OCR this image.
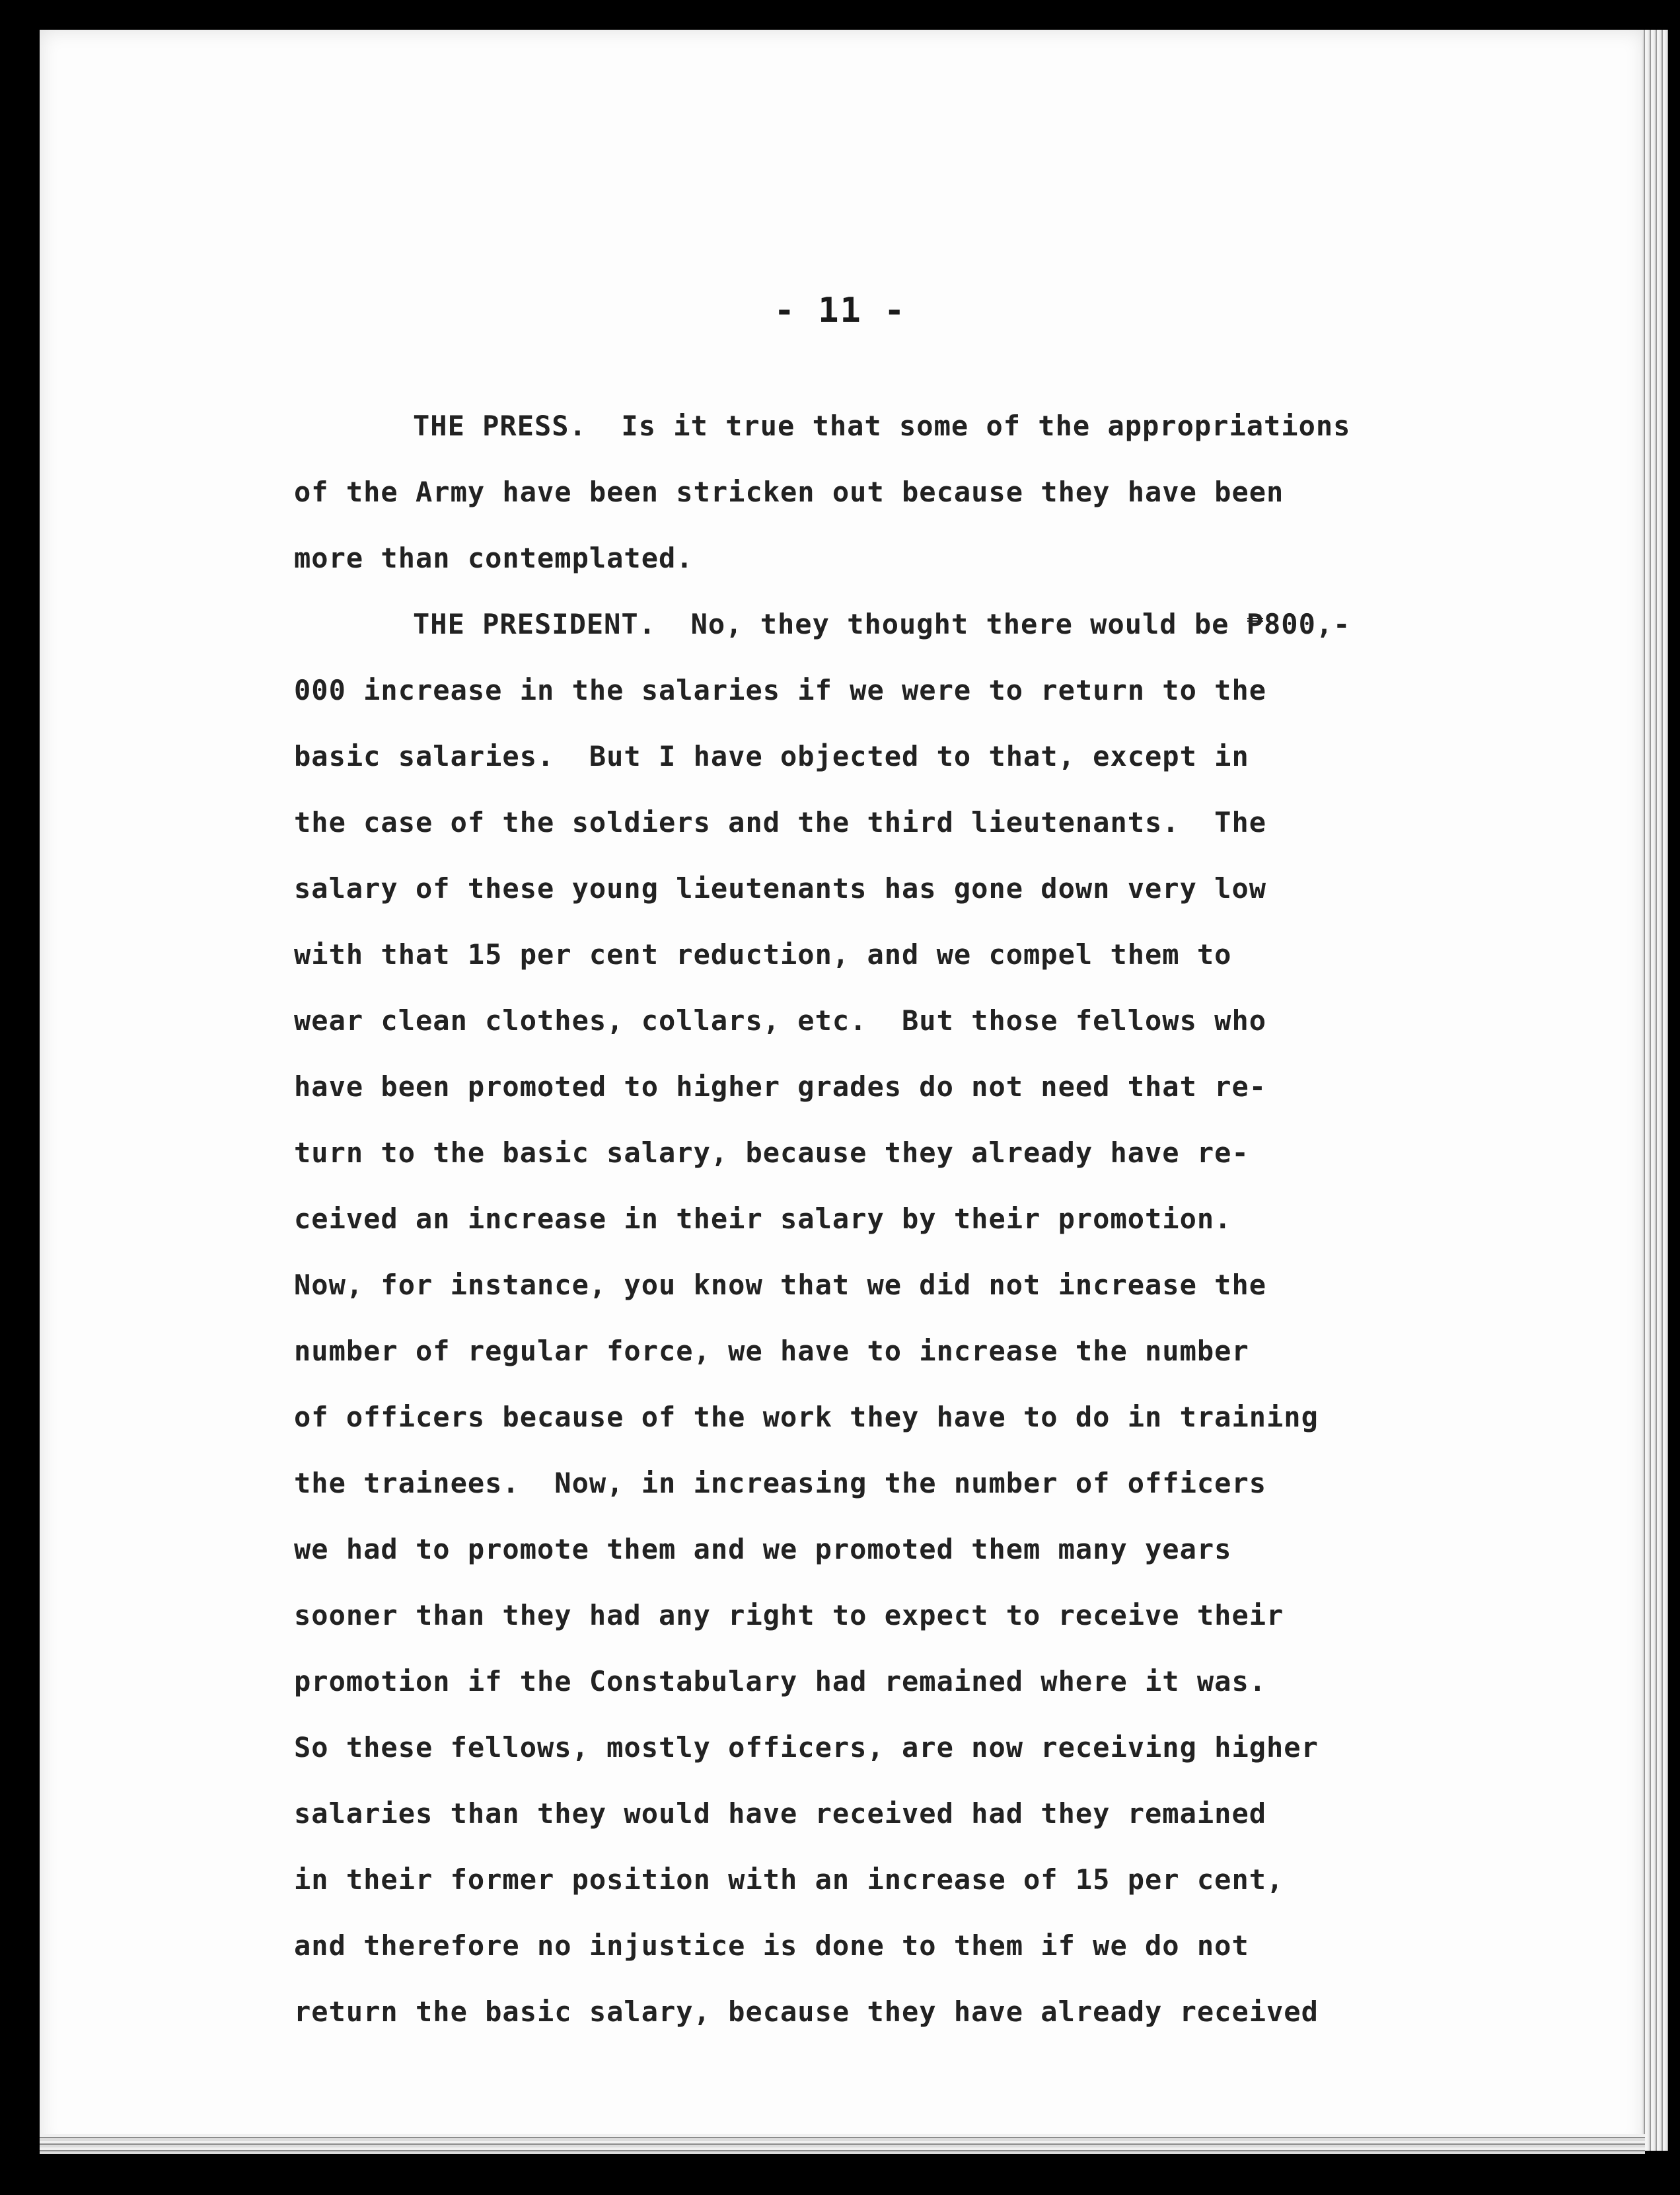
- 11 -
THE PRESS.  Is it true that some of the appropriations
of the Army have been stricken out because they have been
more than contemplated.
THE PRESIDENT.  No, they thought there would be ₱800,-
000 increase in the salaries if we were to return to the
basic salaries.  But I have objected to that, except in
the case of the soldiers and the third lieutenants.  The
salary of these young lieutenants has gone down very low
with that 15 per cent reduction, and we compel them to
wear clean clothes, collars, etc.  But those fellows who
have been promoted to higher grades do not need that re-
turn to the basic salary, because they already have re-
ceived an increase in their salary by their promotion.
Now, for instance, you know that we did not increase the
number of regular force, we have to increase the number
of officers because of the work they have to do in training
the trainees.  Now, in increasing the number of officers
we had to promote them and we promoted them many years
sooner than they had any right to expect to receive their
promotion if the Constabulary had remained where it was.
So these fellows, mostly officers, are now receiving higher
salaries than they would have received had they remained
in their former position with an increase of 15 per cent,
and therefore no injustice is done to them if we do not
return the basic salary, because they have already received
